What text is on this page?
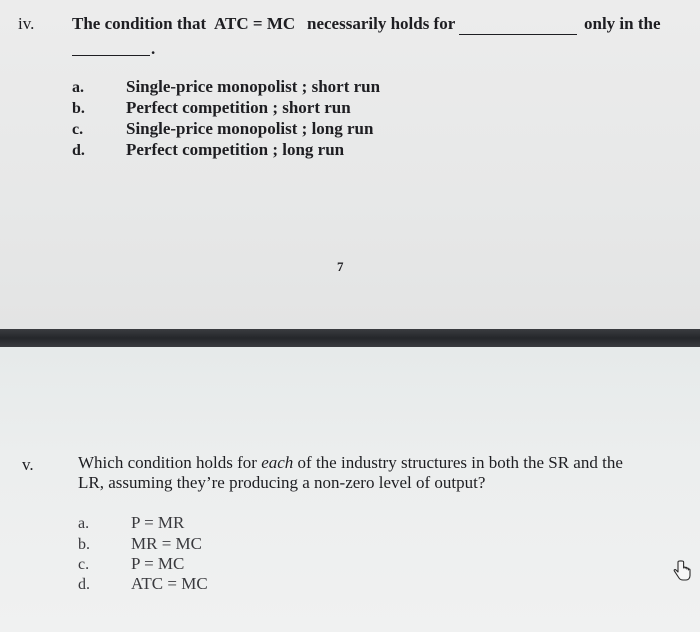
iv. The condition that ATC = MC necessarily holds for	only in the
.
a. Single-price monopolist ; short run
b. Perfect competition ; short run
c.	Single-price monopolist ; long run
d. Perfect competition ; long run
7
v.	Which condition holds for each of the industry structures in both the SR and the
LR, assuming they’re producing a non-zero level of output?
a. P = MR
b. MR = MC
c. P = MC
d. ATC = MC
